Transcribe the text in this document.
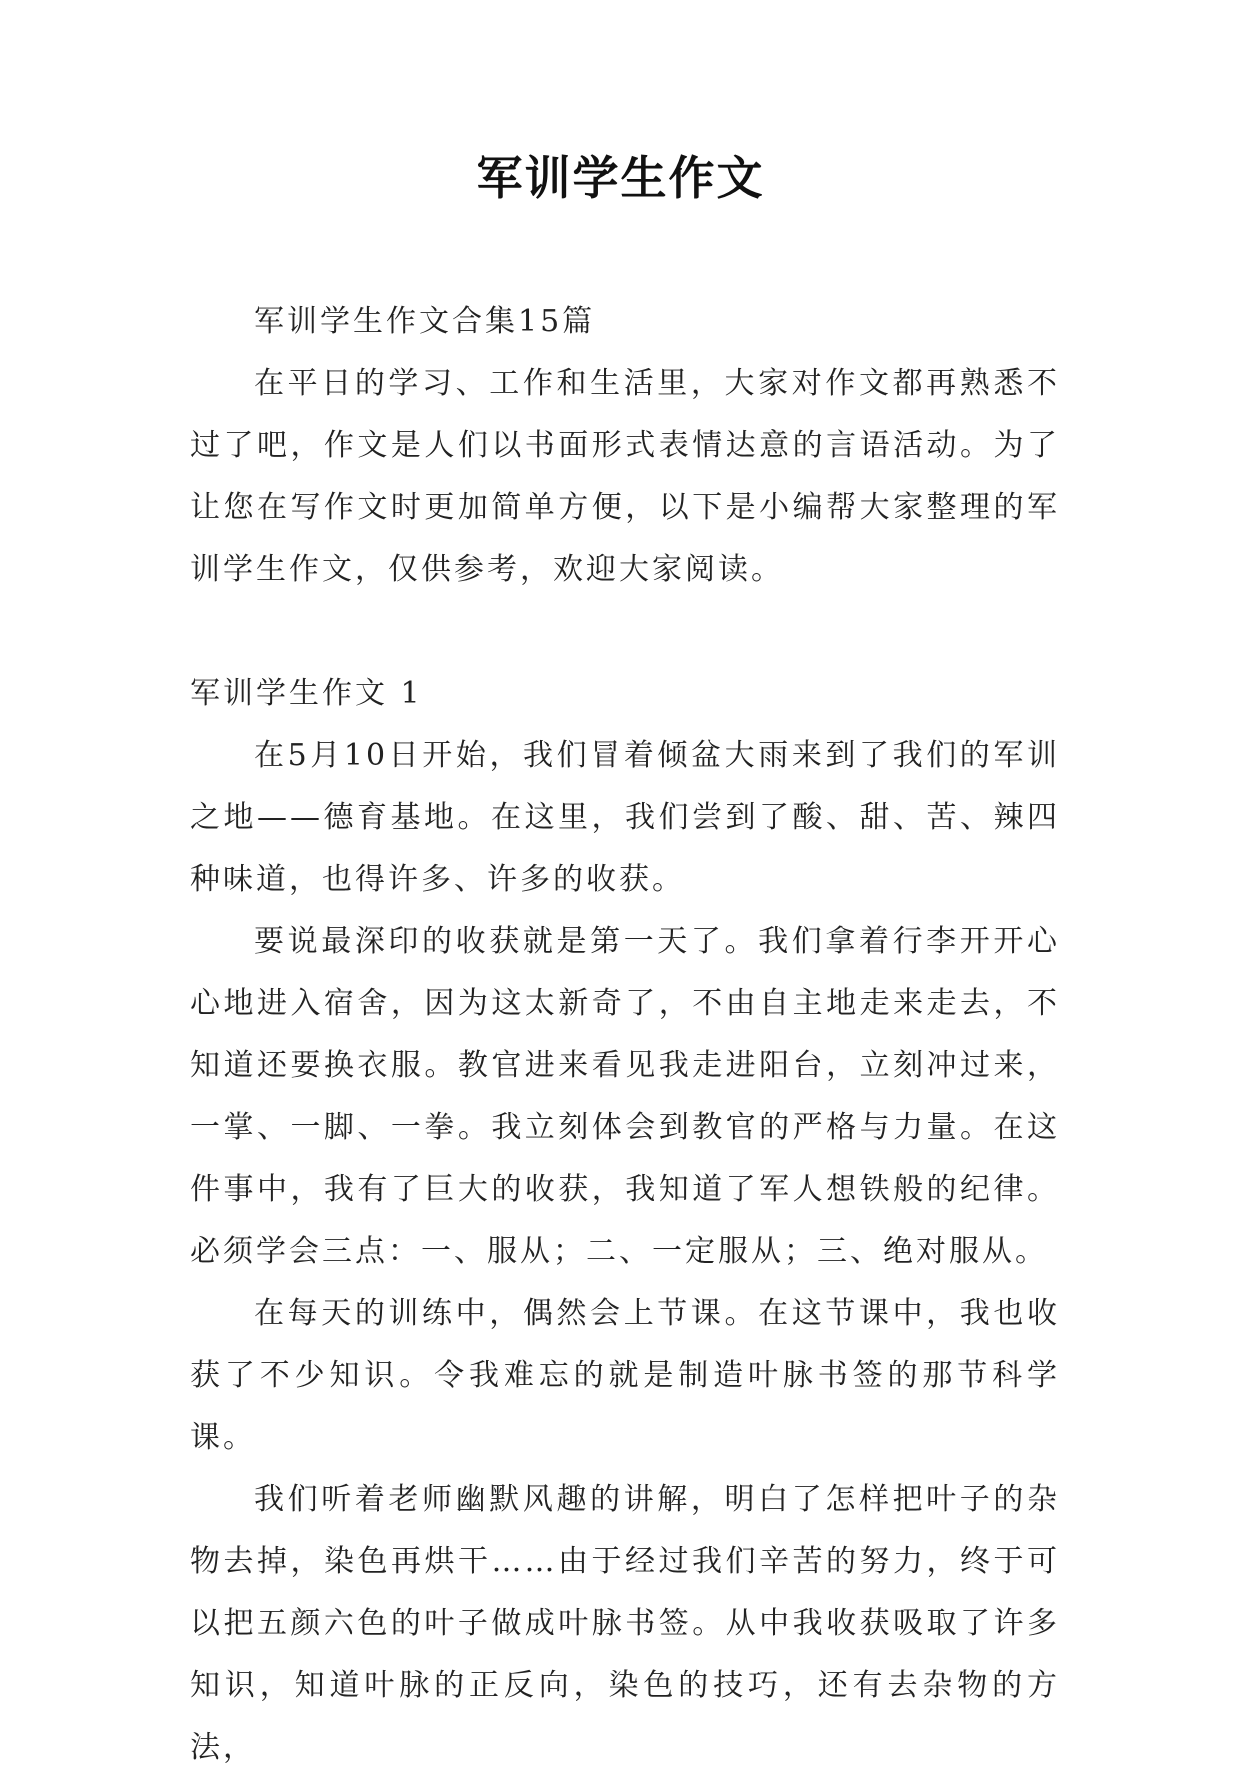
军训学生作文

军训学生作文合集15篇

在平日的学习、工作和生活里，大家对作文都再熟悉不过了吧，作文是人们以书面形式表情达意的言语活动。为了让您在写作文时更加简单方便，以下是小编帮大家整理的军训学生作文，仅供参考，欢迎大家阅读。

军训学生作文 1

在5月10日开始，我们冒着倾盆大雨来到了我们的军训之地——德育基地。在这里，我们尝到了酸、甜、苦、辣四种味道，也得许多、许多的收获。

要说最深印的收获就是第一天了。我们拿着行李开开心心地进入宿舍，因为这太新奇了，不由自主地走来走去，不知道还要换衣服。教官进来看见我走进阳台，立刻冲过来，一掌、一脚、一拳。我立刻体会到教官的严格与力量。在这件事中，我有了巨大的收获，我知道了军人想铁般的纪律。必须学会三点：一、服从；二、一定服从；三、绝对服从。

在每天的训练中，偶然会上节课。在这节课中，我也收获了不少知识。令我难忘的就是制造叶脉书签的那节科学课。

我们听着老师幽默风趣的讲解，明白了怎样把叶子的杂物去掉，染色再烘干……由于经过我们辛苦的努力，终于可以把五颜六色的叶子做成叶脉书签。从中我收获吸取了许多知识，知道叶脉的正反向，染色的技巧，还有去杂物的方法，
